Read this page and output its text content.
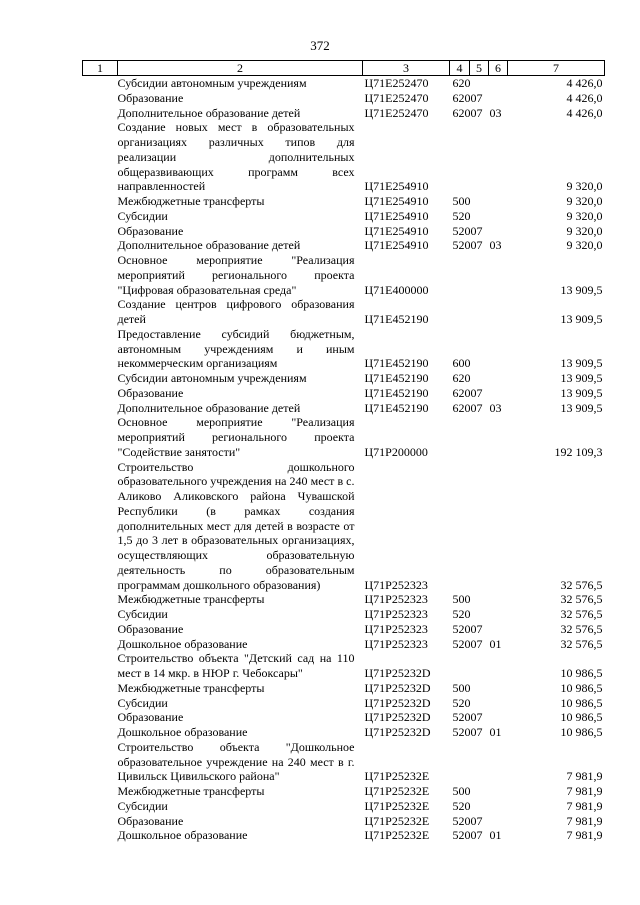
372
1	2	3	4	5	6	7
	Субсидии автономным учреждениям	Ц71E252470	620			4 426,0
	Образование	Ц71E252470	620	07		4 426,0
	Дополнительное образование детей	Ц71E252470	620	07	03	4 426,0
	Создание новых мест в образовательных организациях различных типов для реализации дополнительных общеразвивающих программ всех направленностей	Ц71E254910				9 320,0
	Межбюджетные трансферты	Ц71E254910	500			9 320,0
	Субсидии	Ц71E254910	520			9 320,0
	Образование	Ц71E254910	520	07		9 320,0
	Дополнительное образование детей	Ц71E254910	520	07	03	9 320,0
	Основное мероприятие "Реализация мероприятий регионального проекта "Цифровая образовательная среда"	Ц71E400000				13 909,5
	Создание центров цифрового образования детей	Ц71E452190				13 909,5
	Предоставление субсидий бюджетным, автономным учреждениям и иным некоммерческим организациям	Ц71E452190	600			13 909,5
	Субсидии автономным учреждениям	Ц71E452190	620			13 909,5
	Образование	Ц71E452190	620	07		13 909,5
	Дополнительное образование детей	Ц71E452190	620	07	03	13 909,5
	Основное мероприятие "Реализация мероприятий регионального проекта "Содействие занятости"	Ц71P200000				192 109,3
	Строительство дошкольного образовательного учреждения на 240 мест в с. Аликово Аликовского района Чувашской Республики (в рамках создания дополнительных мест для детей в возрасте от 1,5 до 3 лет в образовательных организациях, осуществляющих образовательную деятельность по образовательным программам дошкольного образования)	Ц71P252323				32 576,5
	Межбюджетные трансферты	Ц71P252323	500			32 576,5
	Субсидии	Ц71P252323	520			32 576,5
	Образование	Ц71P252323	520	07		32 576,5
	Дошкольное образование	Ц71P252323	520	07	01	32 576,5
	Строительство объекта "Детский сад на 110 мест в 14 мкр. в НЮР г. Чебоксары"	Ц71P25232D				10 986,5
	Межбюджетные трансферты	Ц71P25232D	500			10 986,5
	Субсидии	Ц71P25232D	520			10 986,5
	Образование	Ц71P25232D	520	07		10 986,5
	Дошкольное образование	Ц71P25232D	520	07	01	10 986,5
	Строительство объекта "Дошкольное образовательное учреждение на 240 мест в г. Цивильск Цивильского района"	Ц71P25232E				7 981,9
	Межбюджетные трансферты	Ц71P25232E	500			7 981,9
	Субсидии	Ц71P25232E	520			7 981,9
	Образование	Ц71P25232E	520	07		7 981,9
	Дошкольное образование	Ц71P25232E	520	07	01	7 981,9
